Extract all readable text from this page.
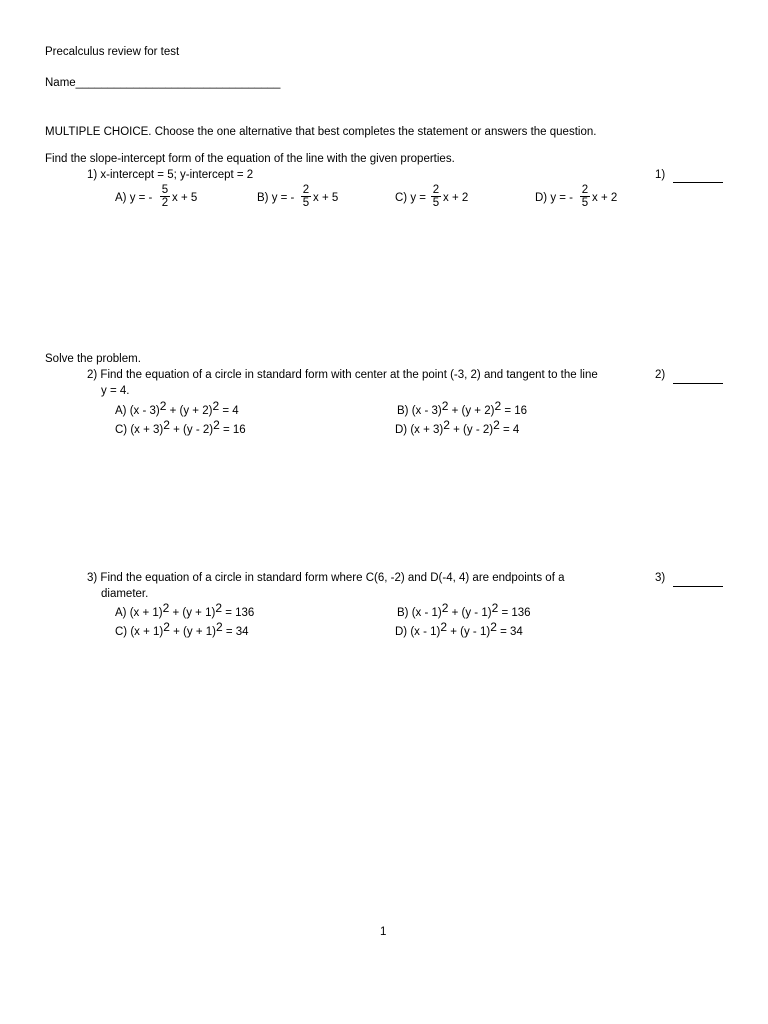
Precalculus review for test
Name________________________________
MULTIPLE CHOICE. Choose the one alternative that best completes the statement or answers the question.
Find the slope-intercept form of the equation of the line with the given properties.
1) x-intercept = 5; y-intercept = 2	1)
A) y = -
5
2 x + 5	B) y = -
2
5 x + 5	C) y =
2
5 x + 2	D) y = -
2
5 x + 2
Solve the problem.
2) Find the equation of a circle in standard form with center at the point (-3, 2) and tangent to the line
y = 4.
2)
A) (x - 3)2 + (y + 2)2 = 4	B) (x - 3)2 + (y + 2)2 = 16
C) (x + 3)2 + (y - 2)2 = 16	D) (x + 3)2 + (y - 2)2 = 4
3) Find the equation of a circle in standard form where C(6, -2) and D(-4, 4) are endpoints of a
diameter.
3)
A) (x + 1)2 + (y + 1)2 = 136	B) (x - 1)2 + (y - 1)2 = 136
C) (x + 1)2 + (y + 1)2 = 34	D) (x - 1)2 + (y - 1)2 = 34
1
